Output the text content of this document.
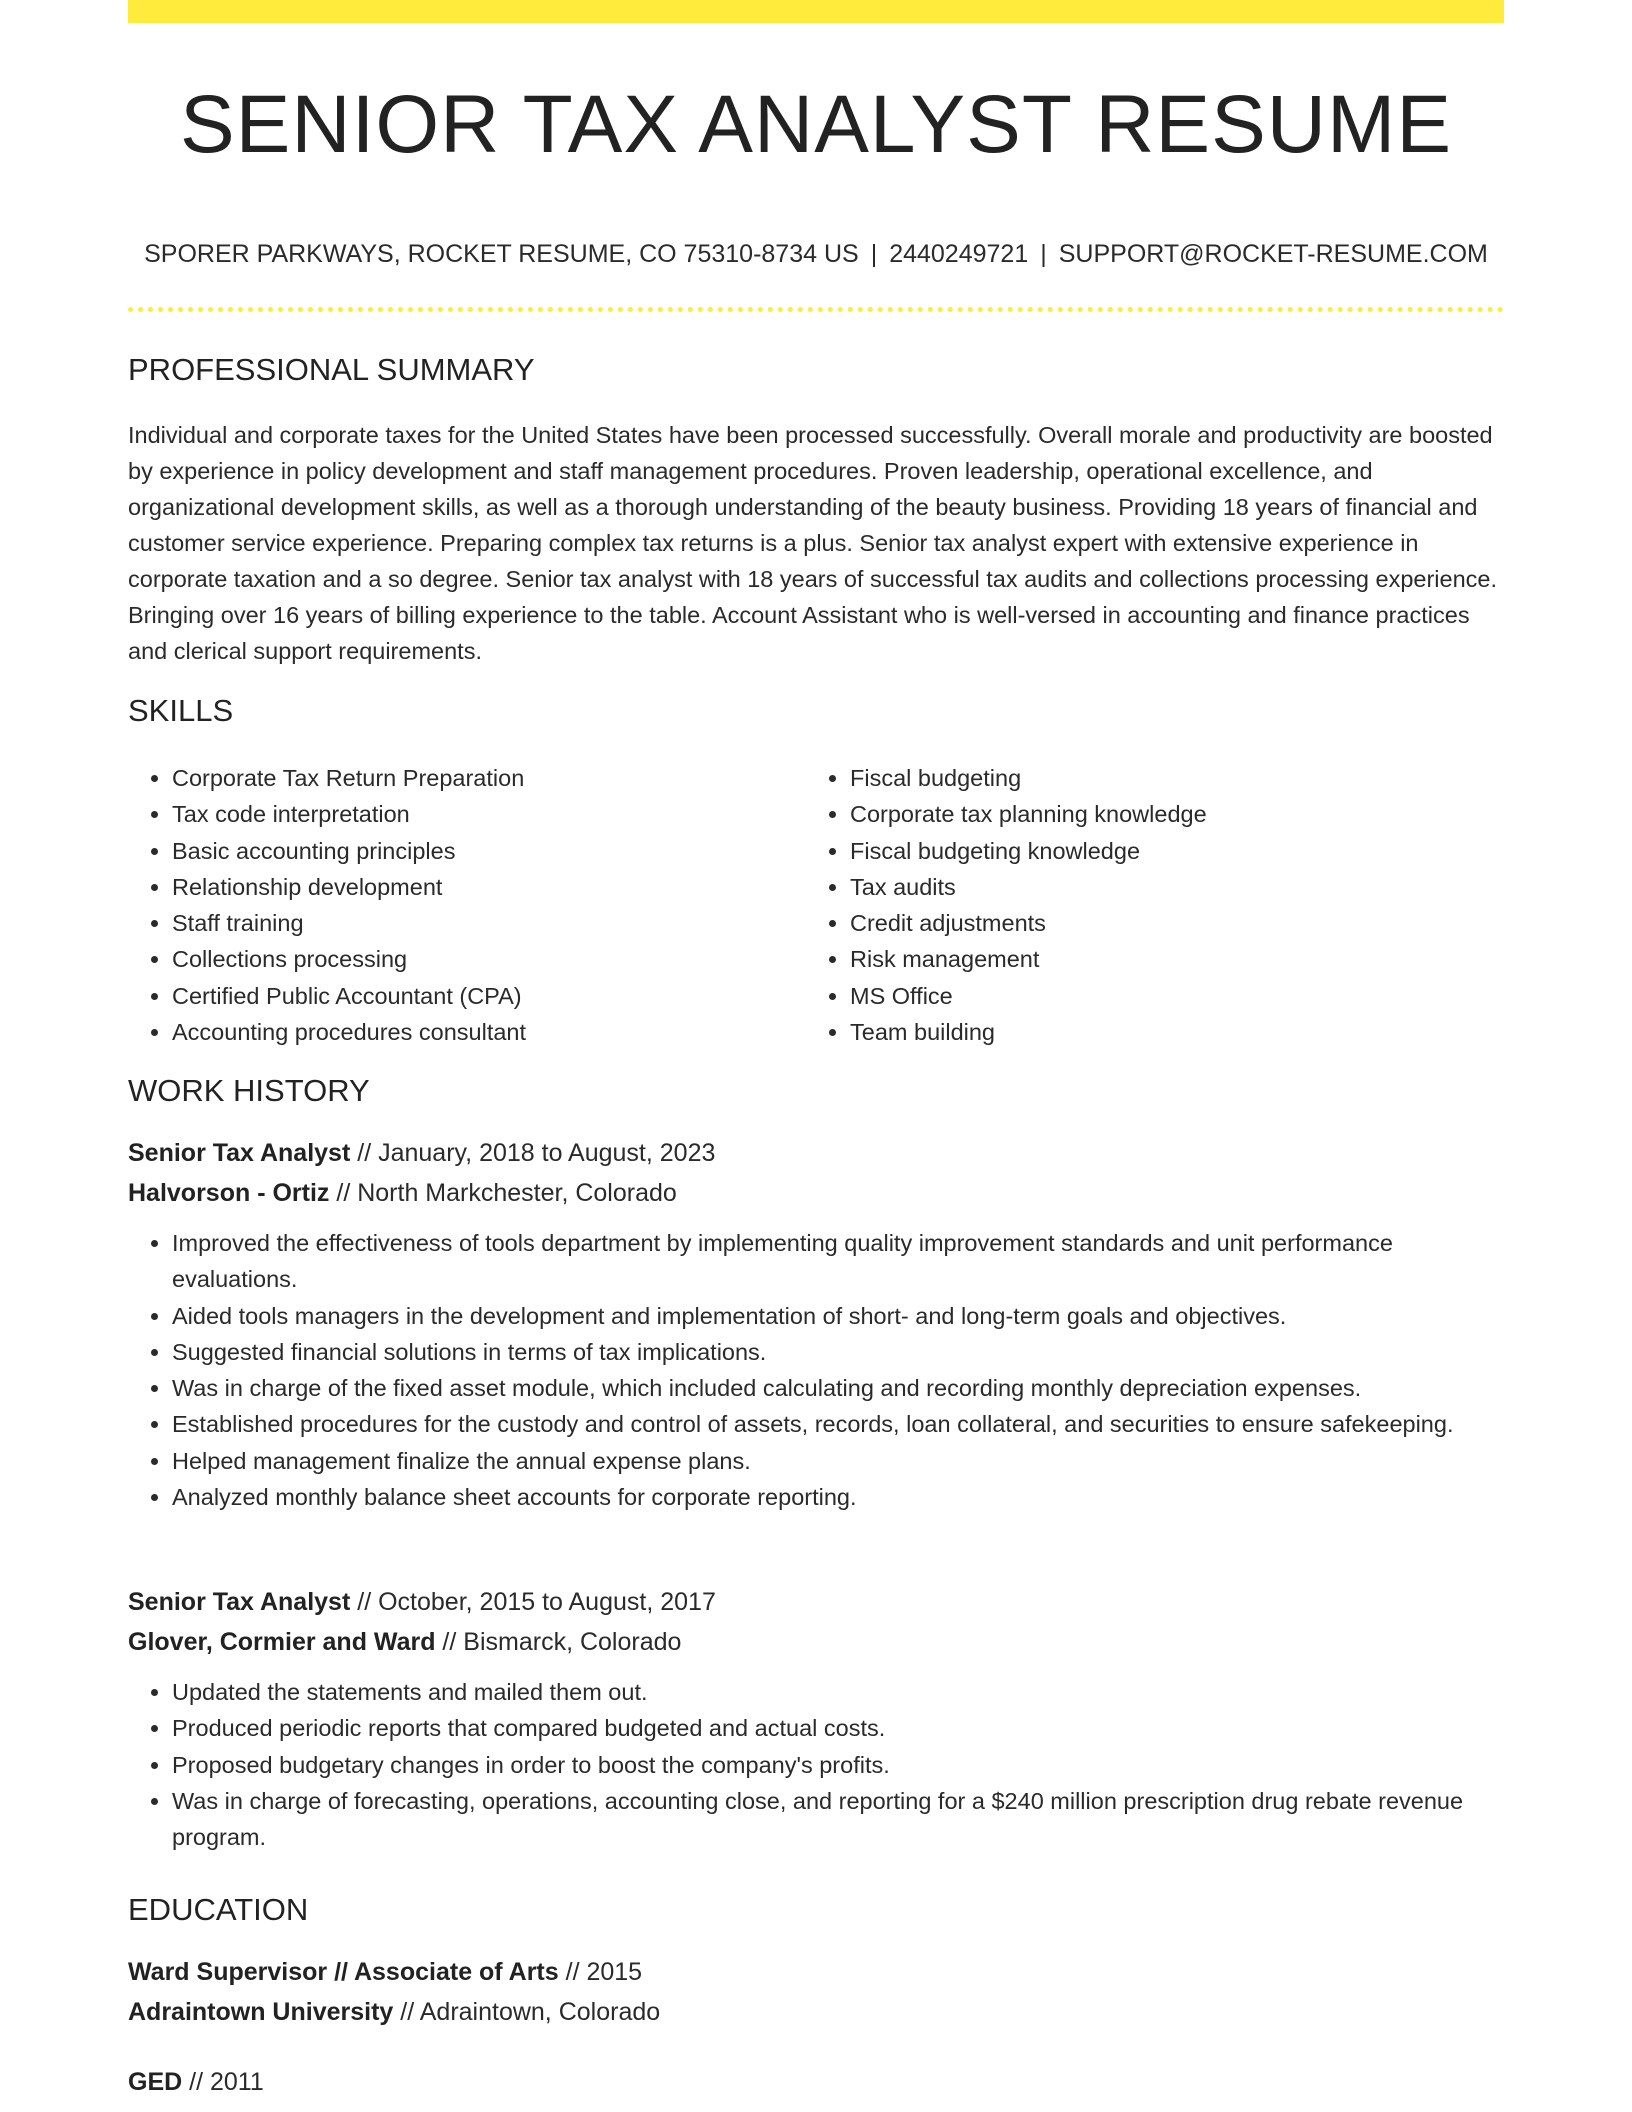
SENIOR TAX ANALYST RESUME
SPORER PARKWAYS, ROCKET RESUME, CO 75310-8734 US | 2440249721 | SUPPORT@ROCKET-RESUME.COM
PROFESSIONAL SUMMARY

Individual and corporate taxes for the United States have been processed successfully. Overall morale and productivity are boosted by experience in policy development and staff management procedures. Proven leadership, operational excellence, and organizational development skills, as well as a thorough understanding of the beauty business. Providing 18 years of financial and customer service experience. Preparing complex tax returns is a plus. Senior tax analyst expert with extensive experience in corporate taxation and a so degree. Senior tax analyst with 18 years of successful tax audits and collections processing experience. Bringing over 16 years of billing experience to the table. Account Assistant who is well-versed in accounting and finance practices and clerical support requirements.

SKILLS
• Corporate Tax Return Preparation
• Tax code interpretation
• Basic accounting principles
• Relationship development
• Staff training
• Collections processing
• Certified Public Accountant (CPA)
• Accounting procedures consultant
• Fiscal budgeting
• Corporate tax planning knowledge
• Fiscal budgeting knowledge
• Tax audits
• Credit adjustments
• Risk management
• MS Office
• Team building
WORK HISTORY
Senior Tax Analyst // January, 2018 to August, 2023
Halvorson - Ortiz // North Markchester, Colorado
• Improved the effectiveness of tools department by implementing quality improvement standards and unit performance evaluations.
• Aided tools managers in the development and implementation of short- and long-term goals and objectives.
• Suggested financial solutions in terms of tax implications.
• Was in charge of the fixed asset module, which included calculating and recording monthly depreciation expenses.
• Established procedures for the custody and control of assets, records, loan collateral, and securities to ensure safekeeping.
• Helped management finalize the annual expense plans.
• Analyzed monthly balance sheet accounts for corporate reporting.
Senior Tax Analyst // October, 2015 to August, 2017
Glover, Cormier and Ward // Bismarck, Colorado
• Updated the statements and mailed them out.
• Produced periodic reports that compared budgeted and actual costs.
• Proposed budgetary changes in order to boost the company's profits.
• Was in charge of forecasting, operations, accounting close, and reporting for a $240 million prescription drug rebate revenue program.
EDUCATION
Ward Supervisor // Associate of Arts // 2015
Adraintown University // Adraintown, Colorado
GED // 2011
